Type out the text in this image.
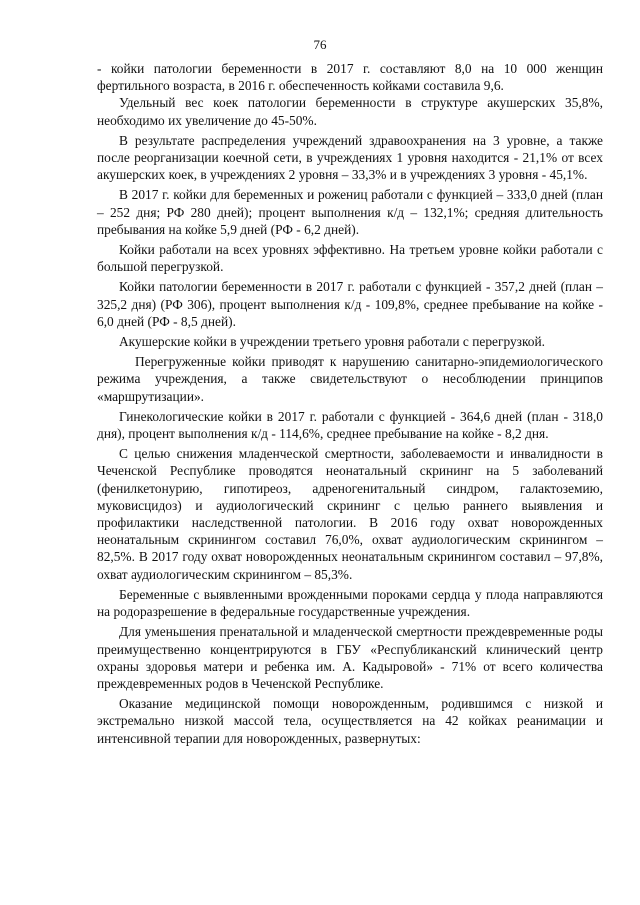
76

- койки патологии беременности в 2017 г. составляют 8,0 на 10 000 женщин фертильного возраста, в 2016 г. обеспеченность койками составила 9,6.

Удельный вес коек патологии беременности в структуре акушерских 35,8%, необходимо их увеличение до 45-50%.

В результате распределения учреждений здравоохранения на 3 уровне, а также после реорганизации коечной сети, в учреждениях 1 уровня находится - 21,1% от всех акушерских коек, в учреждениях 2 уровня – 33,3% и в учреждениях 3 уровня - 45,1%.

В 2017 г. койки для беременных и рожениц работали с функцией – 333,0 дней (план – 252 дня; РФ 280 дней); процент выполнения к/д – 132,1%; средняя длительность пребывания на койке 5,9 дней (РФ - 6,2 дней).

Койки работали на всех уровнях эффективно. На третьем уровне койки работали с большой перегрузкой.

Койки патологии беременности в 2017 г. работали с функцией - 357,2 дней (план – 325,2 дня) (РФ 306), процент выполнения к/д - 109,8%, среднее пребывание на койке - 6,0 дней (РФ - 8,5 дней).

Акушерские койки в учреждении третьего уровня работали с перегрузкой.

Перегруженные койки приводят к нарушению санитарно-эпидемиологического режима учреждения, а также свидетельствуют о несоблюдении принципов «маршрутизации».

Гинекологические койки в 2017 г. работали с функцией - 364,6 дней (план - 318,0 дня), процент выполнения к/д - 114,6%, среднее пребывание на койке - 8,2 дня.

С целью снижения младенческой смертности, заболеваемости и инвалидности в Чеченской Республике проводятся неонатальный скрининг на 5 заболеваний (фенилкетонурию, гипотиреоз, адреногенитальный синдром, галактоземию, муковисцидоз) и аудиологический скрининг с целью раннего выявления и профилактики наследственной патологии. В 2016 году охват новорожденных неонатальным скринингом составил 76,0%, охват аудиологическим скринингом – 82,5%. В 2017 году охват новорожденных неонатальным скринингом составил – 97,8%, охват аудиологическим скринингом – 85,3%.

Беременные с выявленными врожденными пороками сердца у плода направляются на родоразрешение в федеральные государственные учреждения.

Для уменьшения пренатальной и младенческой смертности преждевременные роды преимущественно концентрируются в ГБУ «Республиканский клинический центр охраны здоровья матери и ребенка им. А. Кадыровой» - 71% от всего количества преждевременных родов в Чеченской Республике.

Оказание медицинской помощи новорожденным, родившимся с низкой и экстремально низкой массой тела, осуществляется на 42 койках реанимации и интенсивной терапии для новорожденных, развернутых:
